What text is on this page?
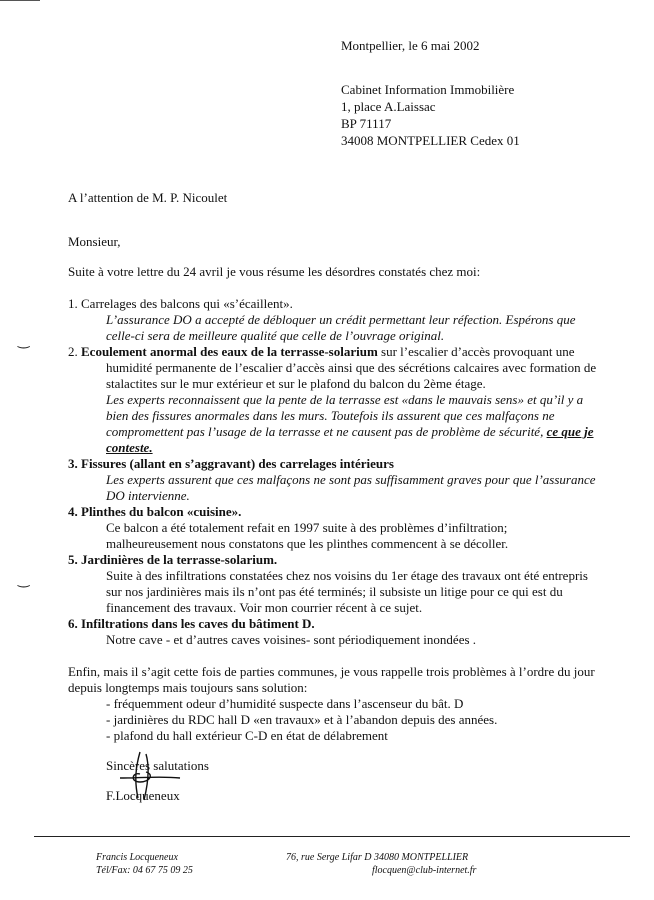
Montpellier, le 6 mai 2002
Cabinet Information Immobilière
1, place A.Laissac
BP 71117
34008 MONTPELLIER Cedex 01
A l’attention de M. P. Nicoulet
Monsieur,
Suite à votre lettre du 24 avril je vous résume les désordres constatés chez moi:
1. Carrelages des balcons qui «s’écaillent».
L’assurance DO a accepté de débloquer un crédit permettant leur réfection. Espérons que
celle-ci sera de meilleure qualité que celle de l’ouvrage original.
‿
2. Ecoulement anormal des eaux de la terrasse-solarium sur l’escalier d’accès provoquant une
humidité permanente de l’escalier d’accès ainsi que des sécrétions calcaires avec formation de
stalactites sur le mur extérieur et sur le plafond du balcon du 2ème étage.
Les experts reconnaissent que la pente de la terrasse est «dans le mauvais sens» et qu’il y a
bien des fissures anormales dans les murs. Toutefois ils assurent que ces malfaçons ne
compromettent pas l’usage de la terrasse et ne causent pas de problème de sécurité, ce que je
conteste.
3. Fissures (allant en s’aggravant) des carrelages intérieurs
Les experts assurent que ces malfaçons ne sont pas suffisamment graves pour que l’assurance
DO intervienne.
4. Plinthes du balcon «cuisine».
Ce balcon a été totalement refait en 1997 suite à des problèmes d’infiltration;
malheureusement nous constatons que les plinthes commencent à se décoller.
5. Jardinières de la terrasse-solarium.
Suite à des infiltrations constatées chez nos voisins du 1er étage des travaux ont été entrepris
sur nos jardinières mais ils n’ont pas été terminés; il subsiste un litige pour ce qui est du
financement des travaux. Voir mon courrier récent à ce sujet.
‿
6. Infiltrations dans les caves du bâtiment D.
Notre cave - et d’autres caves voisines- sont périodiquement inondées .
Enfin, mais il s’agit cette fois de parties communes, je vous rappelle trois problèmes à l’ordre du jour
depuis longtemps mais toujours sans solution:
- fréquemment odeur d’humidité suspecte dans l’ascenseur du bât. D
- jardinières du RDC hall D «en travaux» et à l’abandon depuis des années.
- plafond du hall extérieur C-D en état de délabrement
Sincères salutations
F.Locqueneux
Francis Locqueneux
Tél/Fax: 04 67 75 09 25
76, rue Serge Lifar D 34080 MONTPELLIER
flocquen@club-internet.fr
